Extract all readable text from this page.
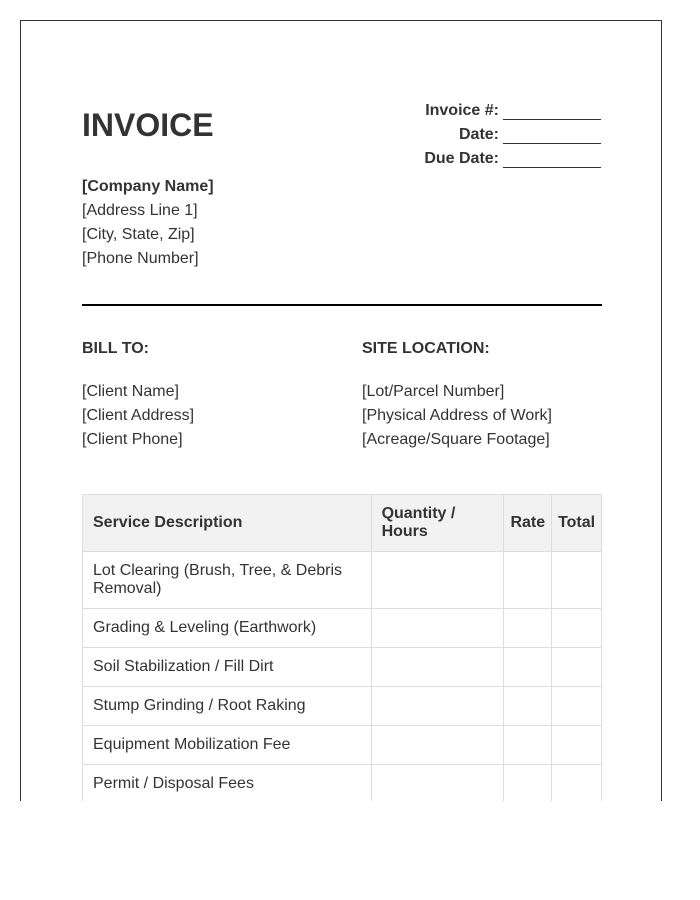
INVOICE	Invoice #:
Date:
Due Date:
[Company Name]
[Address Line 1]
[City, State, Zip]
[Phone Number]
BILL TO:
[Client Name]
[Client Address]
[Client Phone]
SITE LOCATION:
[Lot/Parcel Number]
[Physical Address of Work]
[Acreage/Square Footage]
Service Description	Quantity / Hours	Rate	Total
Lot Clearing (Brush, Tree, & Debris Removal)			
Grading & Leveling (Earthwork)			
Soil Stabilization / Fill Dirt			
Stump Grinding / Root Raking			
Equipment Mobilization Fee			
Permit / Disposal Fees			
